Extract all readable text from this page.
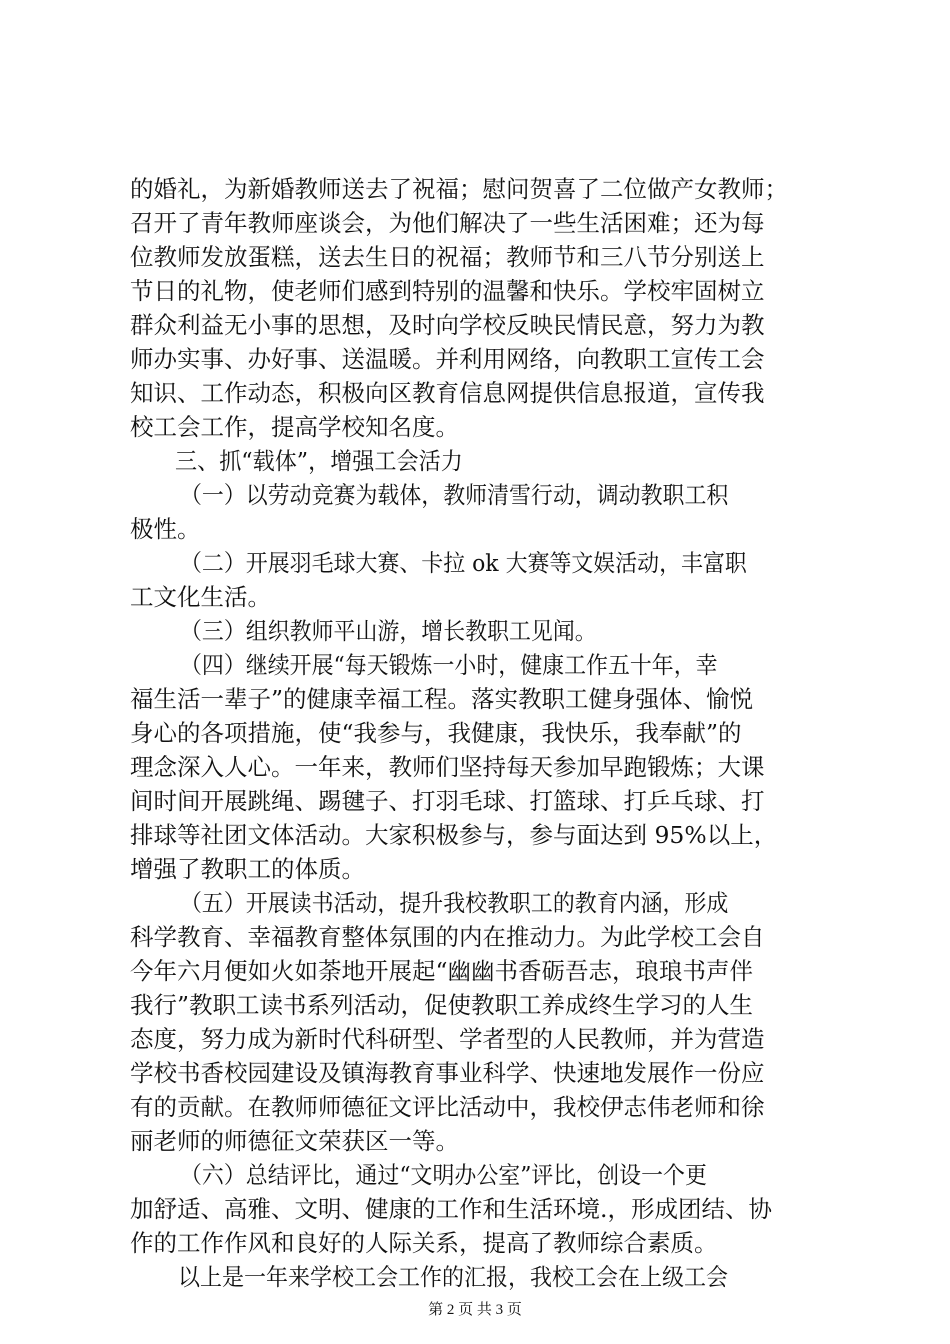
的婚礼，为新婚教师送去了祝福；慰问贺喜了二位做产女教师；
召开了青年教师座谈会，为他们解决了一些生活困难；还为每
位教师发放蛋糕，送去生日的祝福；教师节和三八节分别送上
节日的礼物，使老师们感到特别的温馨和快乐。学校牢固树立
群众利益无小事的思想，及时向学校反映民情民意，努力为教
师办实事、办好事、送温暖。并利用网络，向教职工宣传工会
知识、工作动态，积极向区教育信息网提供信息报道，宣传我
校工会工作，提高学校知名度。
三、抓“载体”，增强工会活力
（一）以劳动竞赛为载体，教师清雪行动，调动教职工积
极性。
（二）开展羽毛球大赛、卡拉 ok 大赛等文娱活动，丰富职
工文化生活。
（三）组织教师平山游，增长教职工见闻。
（四）继续开展“每天锻炼一小时，健康工作五十年，幸
福生活一辈子”的健康幸福工程。落实教职工健身强体、愉悦
身心的各项措施，使“我参与，我健康，我快乐，我奉献”的
理念深入人心。一年来，教师们坚持每天参加早跑锻炼；大课
间时间开展跳绳、踢毽子、打羽毛球、打篮球、打乒乓球、打
排球等社团文体活动。大家积极参与，参与面达到 95%以上，
增强了教职工的体质。
（五）开展读书活动，提升我校教职工的教育内涵，形成
科学教育、幸福教育整体氛围的内在推动力。为此学校工会自
今年六月便如火如荼地开展起“幽幽书香砺吾志，琅琅书声伴
我行”教职工读书系列活动，促使教职工养成终生学习的人生
态度，努力成为新时代科研型、学者型的人民教师，并为营造
学校书香校园建设及镇海教育事业科学、快速地发展作一份应
有的贡献。在教师师德征文评比活动中，我校伊志伟老师和徐
丽老师的师德征文荣获区一等。
（六）总结评比，通过“文明办公室”评比，创设一个更
加舒适、高雅、文明、健康的工作和生活环境.，形成团结、协
作的工作作风和良好的人际关系，提高了教师综合素质。
以上是一年来学校工会工作的汇报，我校工会在上级工会
第 2 页 共 3 页
